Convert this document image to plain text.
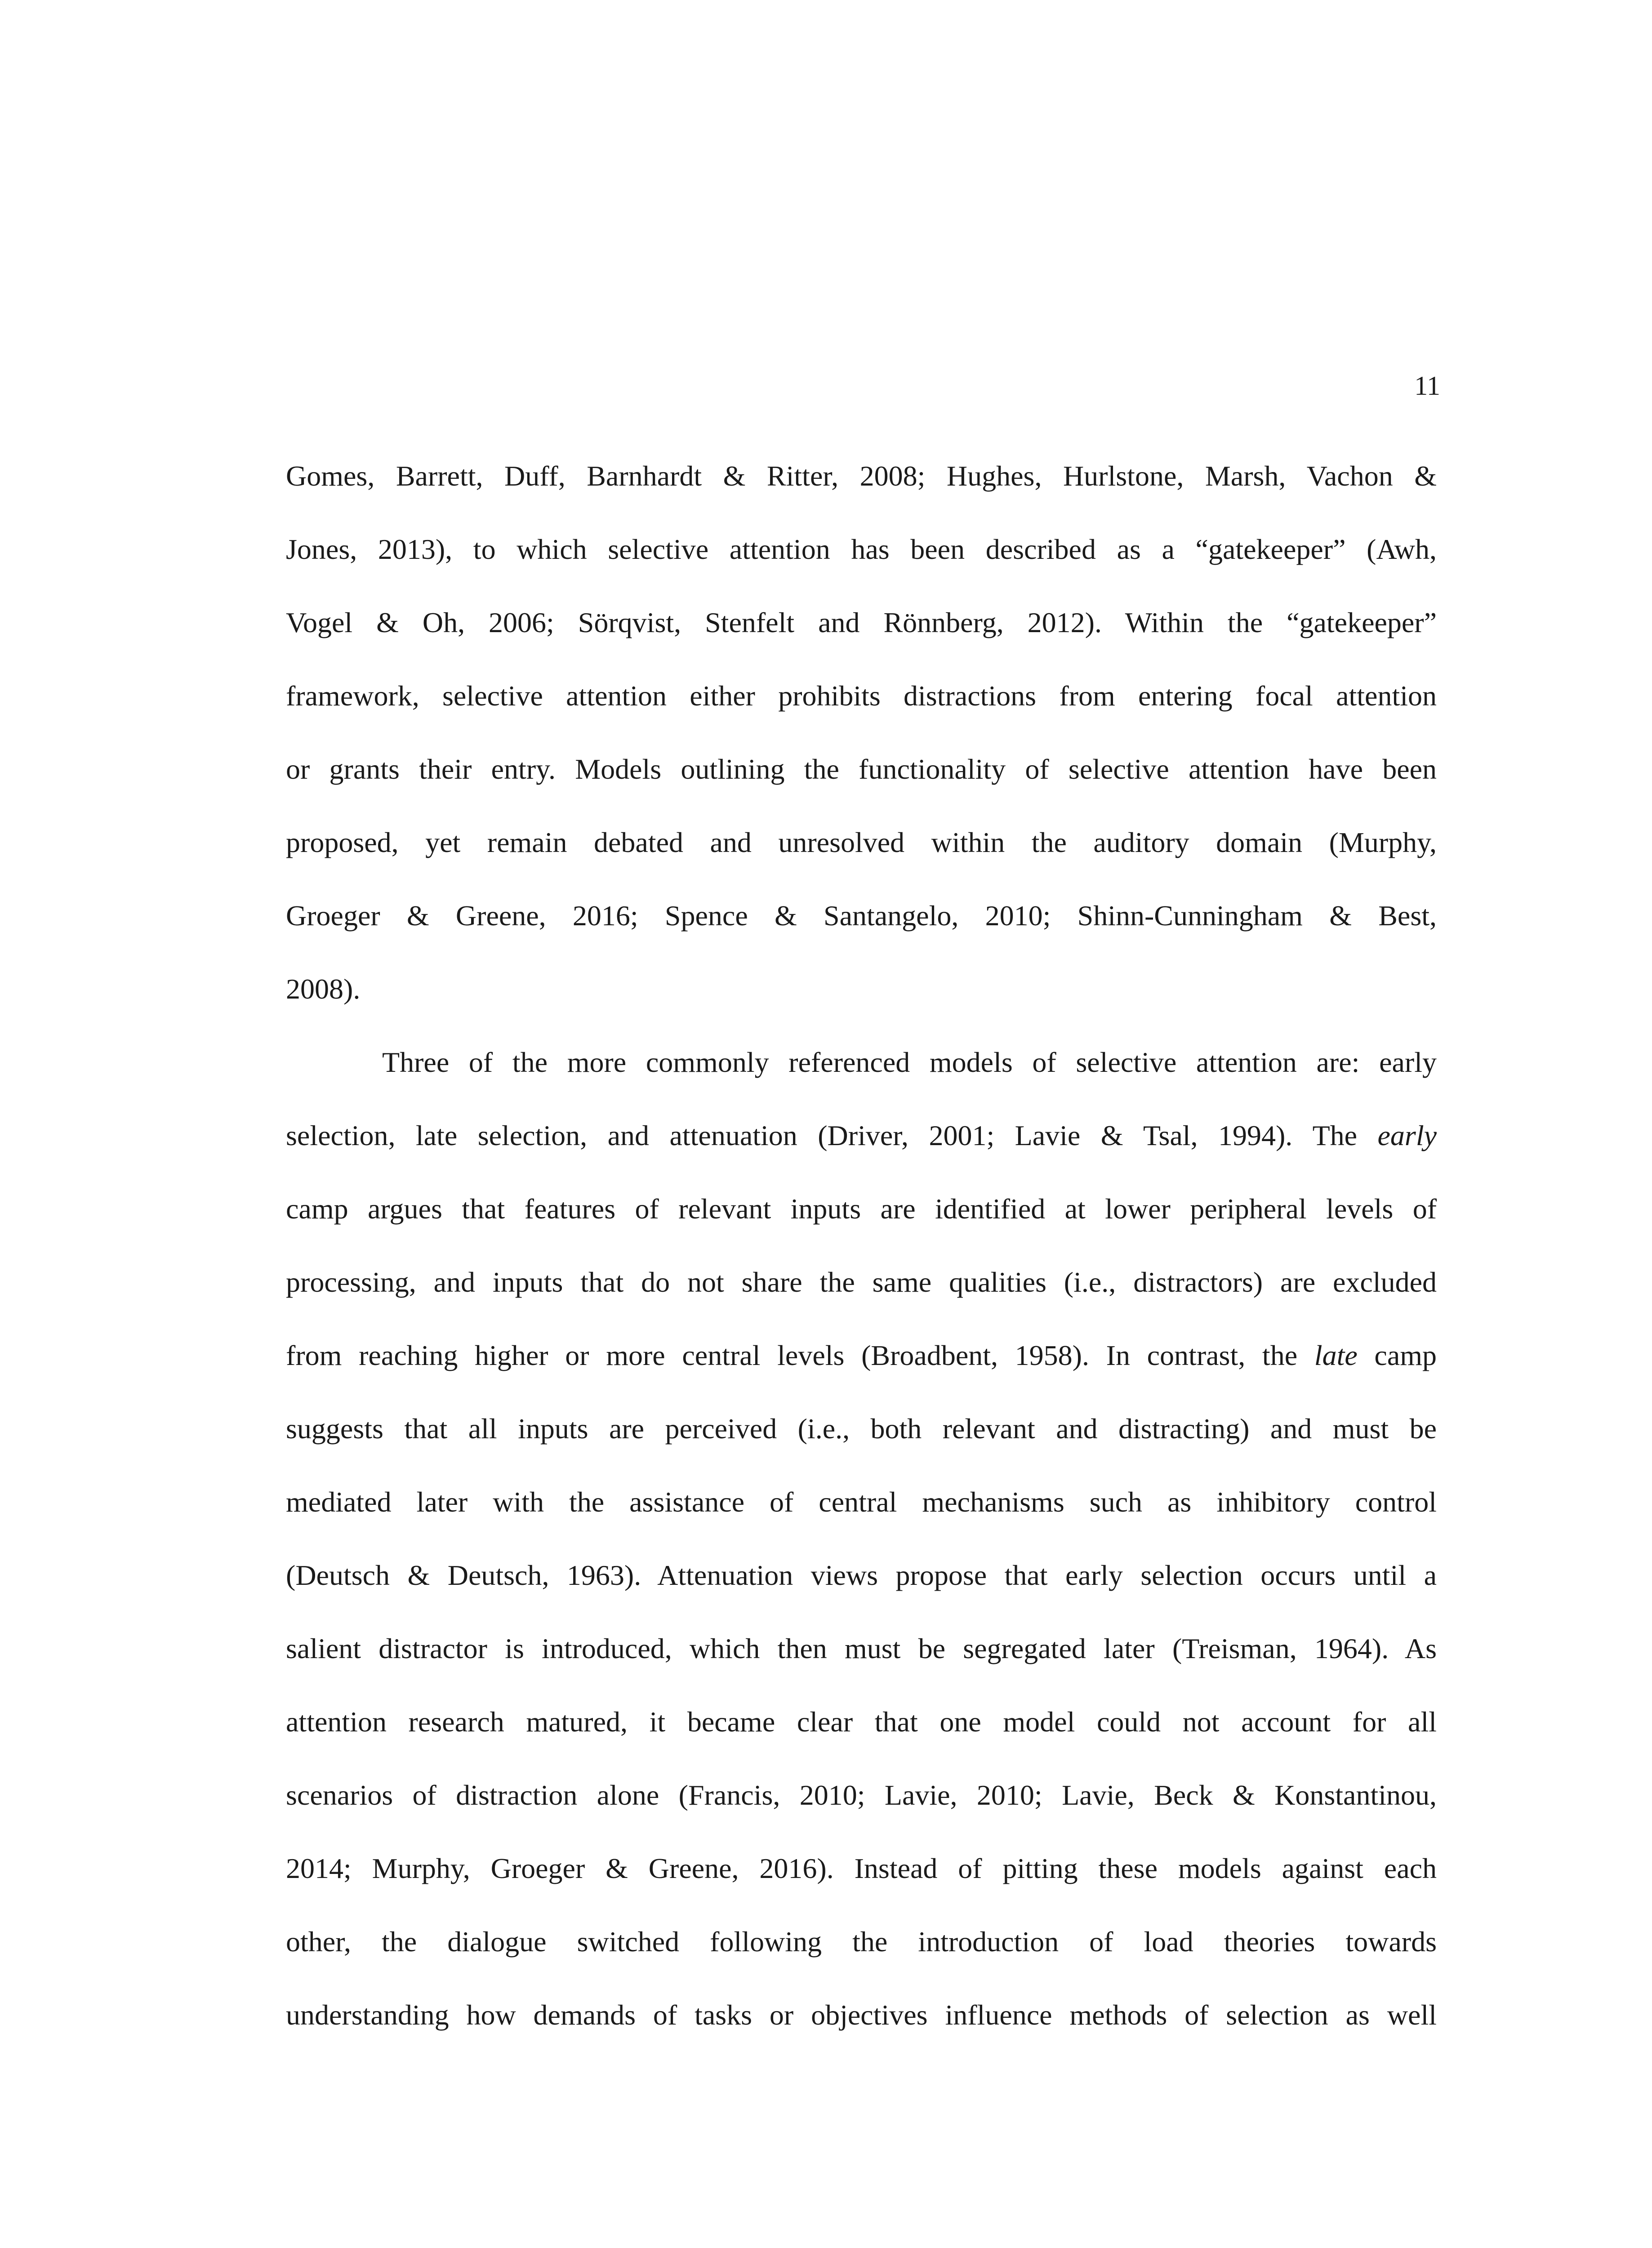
11
Gomes, Barrett, Duff, Barnhardt & Ritter, 2008; Hughes, Hurlstone, Marsh, Vachon &
Jones, 2013), to which selective attention has been described as a “gatekeeper” (Awh,
Vogel & Oh, 2006; Sörqvist, Stenfelt and Rönnberg, 2012). Within the “gatekeeper”
framework, selective attention either prohibits distractions from entering focal attention
or grants their entry. Models outlining the functionality of selective attention have been
proposed, yet remain debated and unresolved within the auditory domain (Murphy,
Groeger & Greene, 2016; Spence & Santangelo, 2010; Shinn-Cunningham & Best,
2008).
Three of the more commonly referenced models of selective attention are: early
selection, late selection, and attenuation (Driver, 2001; Lavie & Tsal, 1994). The early
camp argues that features of relevant inputs are identified at lower peripheral levels of
processing, and inputs that do not share the same qualities (i.e., distractors) are excluded
from reaching higher or more central levels (Broadbent, 1958). In contrast, the late camp
suggests that all inputs are perceived (i.e., both relevant and distracting) and must be
mediated later with the assistance of central mechanisms such as inhibitory control
(Deutsch & Deutsch, 1963). Attenuation views propose that early selection occurs until a
salient distractor is introduced, which then must be segregated later (Treisman, 1964). As
attention research matured, it became clear that one model could not account for all
scenarios of distraction alone (Francis, 2010; Lavie, 2010; Lavie, Beck & Konstantinou,
2014; Murphy, Groeger & Greene, 2016). Instead of pitting these models against each
other, the dialogue switched following the introduction of load theories towards
understanding how demands of tasks or objectives influence methods of selection as well
